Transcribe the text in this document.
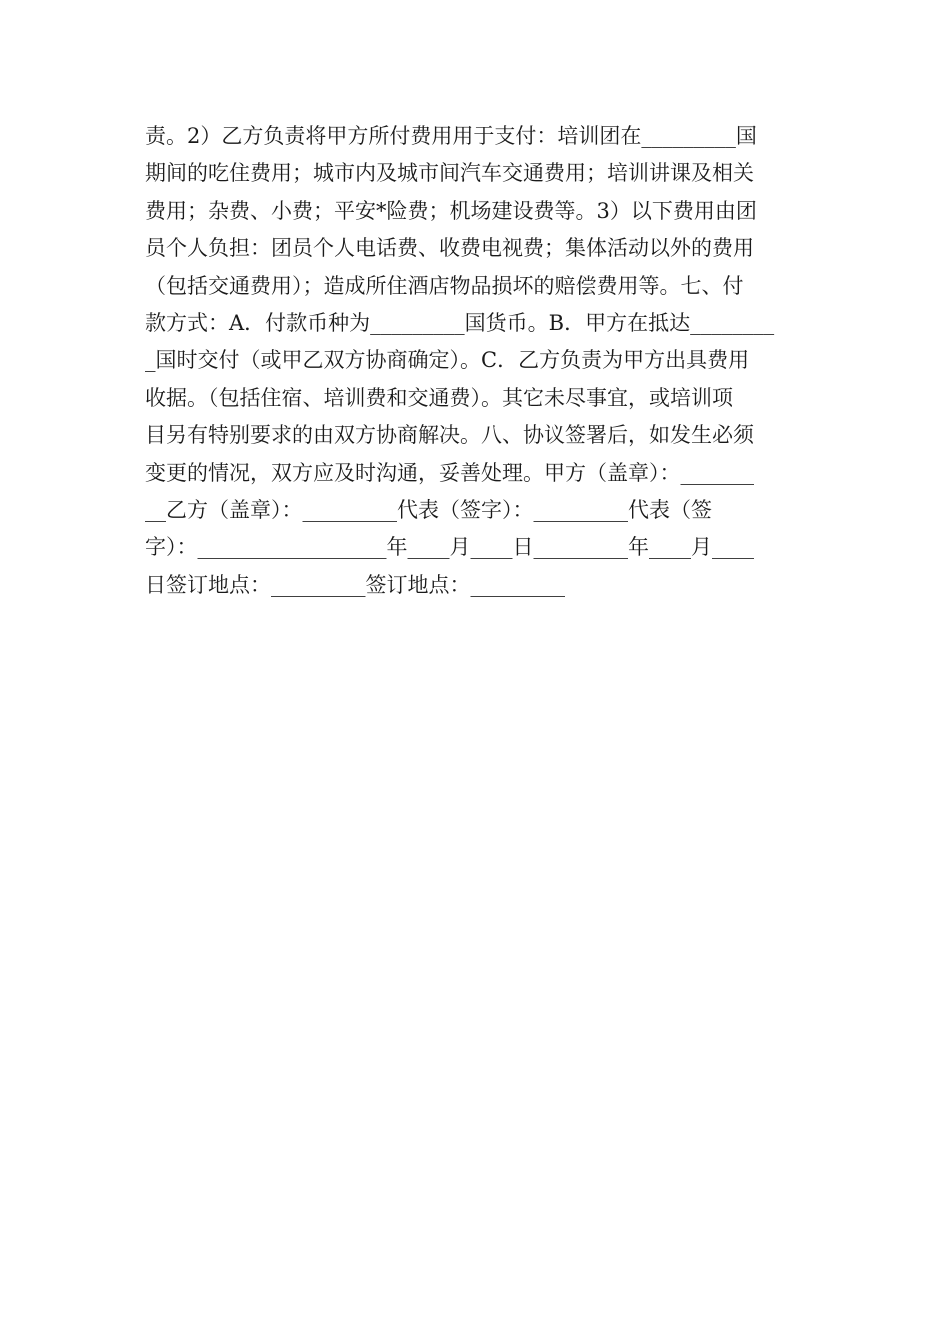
责。2）乙方负责将甲方所付费用用于支付：培训团在_________国
期间的吃住费用；城市内及城市间汽车交通费用；培训讲课及相关
费用；杂费、小费；平安*险费；机场建设费等。3）以下费用由团
员个人负担：团员个人电话费、收费电视费；集体活动以外的费用
（包括交通费用）；造成所住酒店物品损坏的赔偿费用等。七、付
款方式：A．付款币种为_________国货币。B．甲方在抵达________
_国时交付（或甲乙双方协商确定）。C．乙方负责为甲方出具费用
收据。（包括住宿、培训费和交通费）。其它未尽事宜，或培训项
目另有特别要求的由双方协商解决。八、协议签署后，如发生必须
变更的情况，双方应及时沟通，妥善处理。甲方（盖章）：_______
__乙方（盖章）：_________代表（签字）：_________代表（签
字）：__________________年____月____日_________年____月____
日签订地点：_________签订地点：_________
